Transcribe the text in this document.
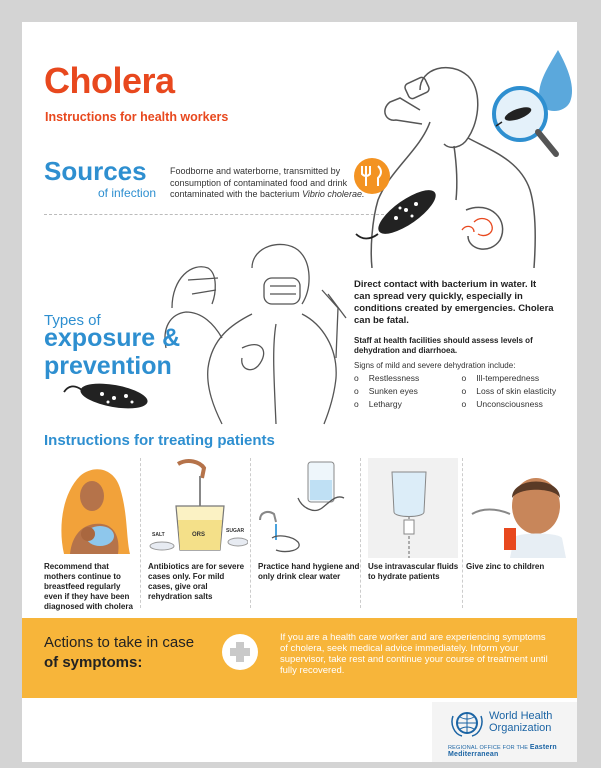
Cholera
Instructions for health workers
Sources
of infection
Foodborne and waterborne, transmitted by consumption of contaminated food and drink contaminated with the bacterium Vibrio cholerae.
Types of
exposure &
prevention
Direct contact with bacterium in water. It can spread very quickly, especially in conditions created by emergencies. Cholera can be fatal.
Staff at health facilities should assess levels of dehydration and diarrhoea.
Signs of mild and severe dehydration include:
o Restlessness	o Ill-temperedness
o Sunken eyes	o Loss of skin elasticity
o Lethargy	o Unconsciousness
Instructions for treating patients
Recommend that mothers continue to breastfeed regularly even if they have been diagnosed with cholera
SALT	ORS
SUGAR
Antibiotics are for severe cases only. For mild cases, give oral rehydration salts
Practice hand hygiene and only drink clear water
Use intravascular fluids to hydrate patients
Give zinc to children
Actions to take in case
of symptoms:
If you are a health care worker and are experiencing symptoms of cholera, seek medical advice immediately. Inform your supervisor, take rest and continue your course of treatment until fully recovered.
World Health
Organization
REGIONAL OFFICE FOR THE Eastern Mediterranean
